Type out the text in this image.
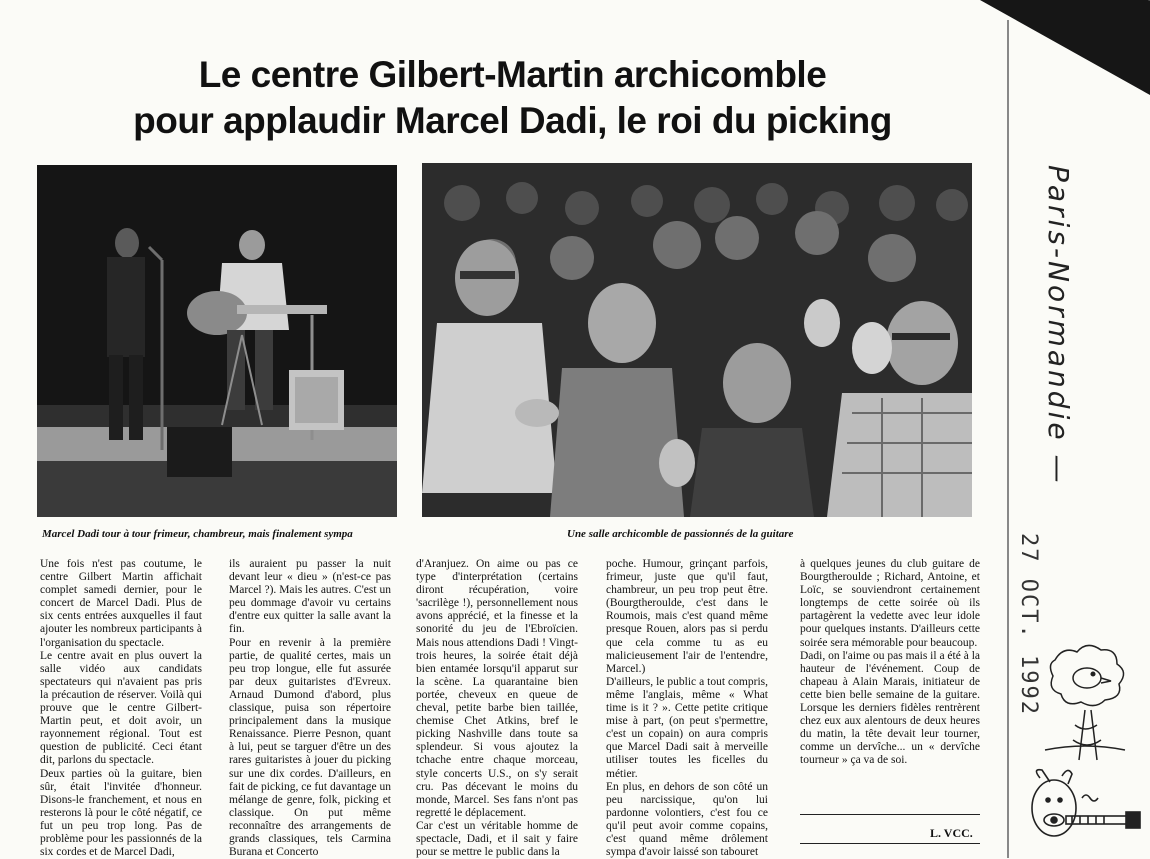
Le centre Gilbert-Martin archicomble
pour applaudir Marcel Dadi, le roi du picking

Marcel Dadi tour à tour frimeur, chambreur, mais finalement sympa	Une salle archicomble de passionnés de la guitare

Une fois n'est pas coutume, le centre Gilbert Martin affichait complet samedi dernier, pour le concert de Marcel Dadi. Plus de six cents entrées auxquelles il faut ajouter les nombreux participants à l'organisation du spectacle.
Le centre avait en plus ouvert la salle vidéo aux candidats spectateurs qui n'avaient pas pris la précaution de réserver. Voilà qui prouve que le centre Gilbert-Martin peut, et doit avoir, un rayonnement régional. Tout est question de publicité. Ceci étant dit, parlons du spectacle.
Deux parties où la guitare, bien sûr, était l'invitée d'honneur. Disons-le franchement, et nous en resterons là pour le côté négatif, ce fut un peu trop long. Pas de problème pour les passionnés de la six cordes et de Marcel Dadi,

ils auraient pu passer la nuit devant leur « dieu » (n'est-ce pas Marcel ?). Mais les autres. C'est un peu dommage d'avoir vu certains d'entre eux quitter la salle avant la fin.
Pour en revenir à la première partie, de qualité certes, mais un peu trop longue, elle fut assurée par deux guitaristes d'Evreux. Arnaud Dumond d'abord, plus classique, puisa son répertoire principalement dans la musique Renaissance. Pierre Pesnon, quant à lui, peut se targuer d'être un des rares guitaristes à jouer du picking sur une dix cordes. D'ailleurs, en fait de picking, ce fut davantage un mélange de genre, folk, picking et classique. On put même reconnaître des arrangements de grands classiques, tels Carmina Burana et Concerto

d'Aranjuez. On aime ou pas ce type d'interprétation (certains diront récupération, voire 'sacrilège !), personnellement nous avons apprécié, et la finesse et la sonorité du jeu de l'Ebroïcien. Mais nous attendions Dadi ! Vingt-trois heures, la soirée était déjà bien entamée lorsqu'il apparut sur la scène. La quarantaine bien portée, cheveux en queue de cheval, petite barbe bien taillée, chemise Chet Atkins, bref le picking Nashville dans toute sa splendeur. Si vous ajoutez la tchache entre chaque morceau, style concerts U.S., on s'y serait cru. Pas décevant le moins du monde, Marcel. Ses fans n'ont pas regretté le déplacement.
Car c'est un véritable homme de spectacle, Dadi, et il sait y faire pour se mettre le public dans la

poche. Humour, grinçant parfois, frimeur, juste que qu'il faut, chambreur, un peu trop peut être. (Bourgtheroulde, c'est dans le Roumois, mais c'est quand même presque Rouen, alors pas si perdu que cela comme tu as eu malicieusement l'air de l'entendre, Marcel.)
D'ailleurs, le public a tout compris, même l'anglais, même « What time is it ? ». Cette petite critique mise à part, (on peut s'permettre, c'est un copain) on aura compris que Marcel Dadi sait à merveille utiliser toutes les ficelles du métier.
En plus, en dehors de son côté un peu narcissique, qu'on lui pardonne volontiers, c'est fou ce qu'il peut avoir comme copains, c'est quand même drôlement sympa d'avoir laissé son tabouret

à quelques jeunes du club guitare de Bourgtheroulde ; Richard, Antoine, et Loïc, se souviendront certainement longtemps de cette soirée où ils partagèrent la vedette avec leur idole pour quelques instants. D'ailleurs cette soirée sera mémorable pour beaucoup.
Dadi, on l'aime ou pas mais il a été à la hauteur de l'événement. Coup de chapeau à Alain Marais, initiateur de cette bien belle semaine de la guitare. Lorsque les derniers fidèles rentrèrent chez eux aux alentours de deux heures du matin, la tête devait leur tourner, comme un dervîche... un « dervîche tourneur » ça va de soi.

L. VCC.

Paris-Normandie —

27 OCT. 1992
